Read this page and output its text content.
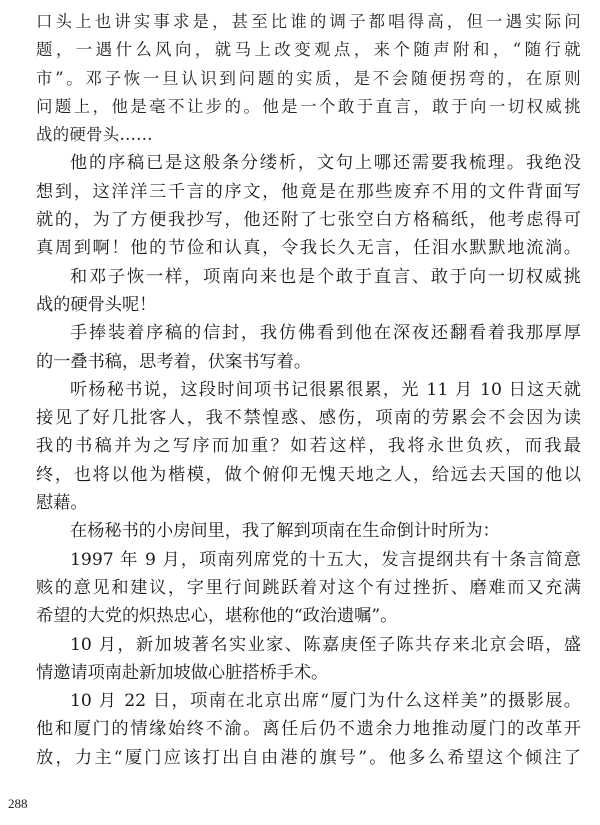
口头上也讲实事求是，甚至比谁的调子都唱得高，但一遇实际问
题，一遇什么风向，就马上改变观点，来个随声附和，“随行就
市”。邓子恢一旦认识到问题的实质，是不会随便拐弯的，在原则
问题上，他是毫不让步的。他是一个敢于直言，敢于向一切权威挑
战的硬骨头……
他的序稿已是这般条分缕析，文句上哪还需要我梳理。我绝没
想到，这洋洋三千言的序文，他竟是在那些废弃不用的文件背面写
就的，为了方便我抄写，他还附了七张空白方格稿纸，他考虑得可
真周到啊！他的节俭和认真，令我长久无言，任泪水默默地流淌。
和邓子恢一样，项南向来也是个敢于直言、敢于向一切权威挑
战的硬骨头呢！
手捧装着序稿的信封，我仿佛看到他在深夜还翻看着我那厚厚
的一叠书稿，思考着，伏案书写着。
听杨秘书说，这段时间项书记很累很累，光 11 月 10 日这天就
接见了好几批客人，我不禁惶惑、感伤，项南的劳累会不会因为读
我的书稿并为之写序而加重？如若这样，我将永世负疚，而我最
终，也将以他为楷模，做个俯仰无愧天地之人，给远去天国的他以
慰藉。
在杨秘书的小房间里，我了解到项南在生命倒计时所为：
1997 年 9 月，项南列席党的十五大，发言提纲共有十条言简意
赅的意见和建议，字里行间跳跃着对这个有过挫折、磨难而又充满
希望的大党的炽热忠心，堪称他的“政治遗嘱”。
10 月，新加坡著名实业家、陈嘉庚侄子陈共存来北京会晤，盛
情邀请项南赴新加坡做心脏搭桥手术。
10 月 22 日，项南在北京出席“厦门为什么这样美”的摄影展。
他和厦门的情缘始终不渝。离任后仍不遗余力地推动厦门的改革开
放，力主“厦门应该打出自由港的旗号”。他多么希望这个倾注了
288
